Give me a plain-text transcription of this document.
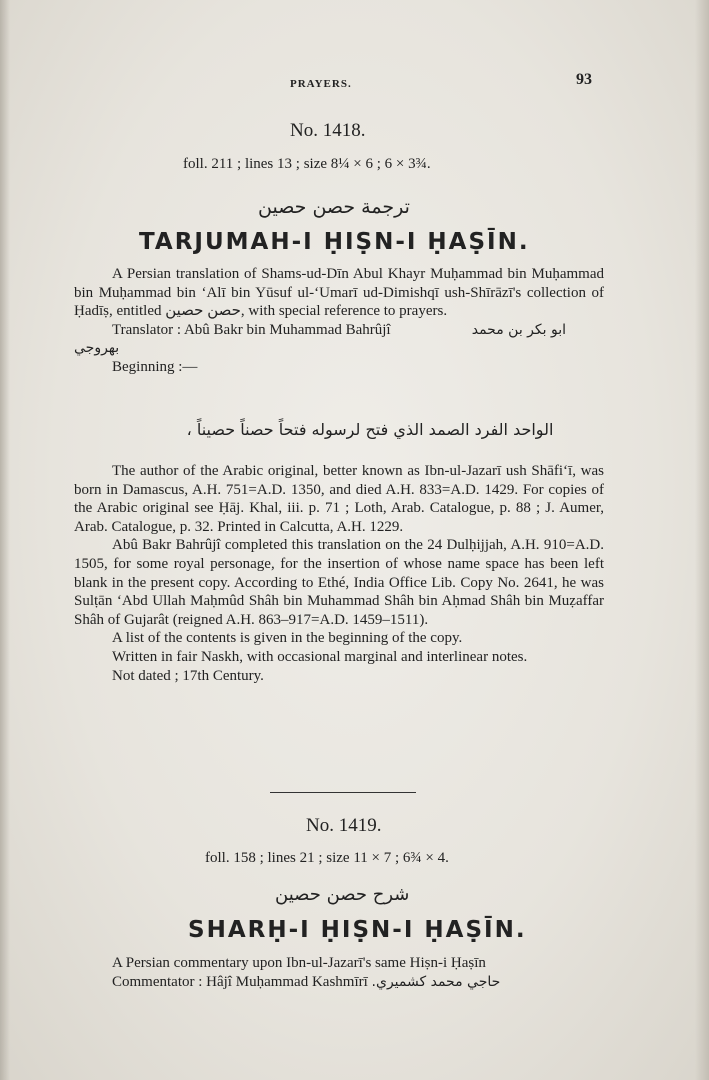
PRAYERS.	93
No. 1418.
foll. 211 ; lines 13 ; size 8¼ × 6 ; 6 × 3¾.
ترجمة حصن حصين
TARJUMAH-I ḤIṢN-I ḤAṢĪN.

A Persian translation of Shams-ud-Dīn Abul Khayr Muḥammad bin Muḥammad bin Muḥammad bin ‘Alī bin Yūsuf ul-‘Umarī ud-Dimishqī ush-Shīrāzī's collection of Ḥadīṣ, entitled حصن حصين, with special reference to prayers.

Translator : Abû Bakr bin Muhammad Bahrûjî	ابو بكر بن محمد

بهروجي

Beginning :—

الواحد الفرد الصمد الذي فتح لرسوله فتحاً حصناً حصيناً ،

The author of the Arabic original, better known as Ibn-ul-Jazarī ush Shāfi‘ī, was born in Damascus, A.H. 751=A.D. 1350, and died A.H. 833=A.D. 1429. For copies of the Arabic original see Ḥāj. Khal, iii. p. 71 ; Loth, Arab. Catalogue, p. 88 ; J. Aumer, Arab. Catalogue, p. 32. Printed in Calcutta, A.H. 1229.

Abû Bakr Bahrûjî completed this translation on the 24 Dulḥijjah, A.H. 910=A.D. 1505, for some royal personage, for the insertion of whose name space has been left blank in the present copy. According to Ethé, India Office Lib. Copy No. 2641, he was Sulṭān ‘Abd Ullah Maḥmûd Shâh bin Muhammad Shâh bin Aḥmad Shâh bin Muẓaffar Shâh of Gujarât (reigned A.H. 863–917=A.D. 1459–1511).

A list of the contents is given in the beginning of the copy.

Written in fair Naskh, with occasional marginal and interlinear notes.

Not dated ; 17th Century.

No. 1419.
foll. 158 ; lines 21 ; size 11 × 7 ; 6¾ × 4.
شرح حصن حصين
SHARḤ-I ḤIṢN-I ḤAṢĪN.

A Persian commentary upon Ibn-ul-Jazarī's same Hiṣn-i Ḥaṣīn

Commentator : Hâjî Muḥammad Kashmīrī حاجي محمد كشميري.
